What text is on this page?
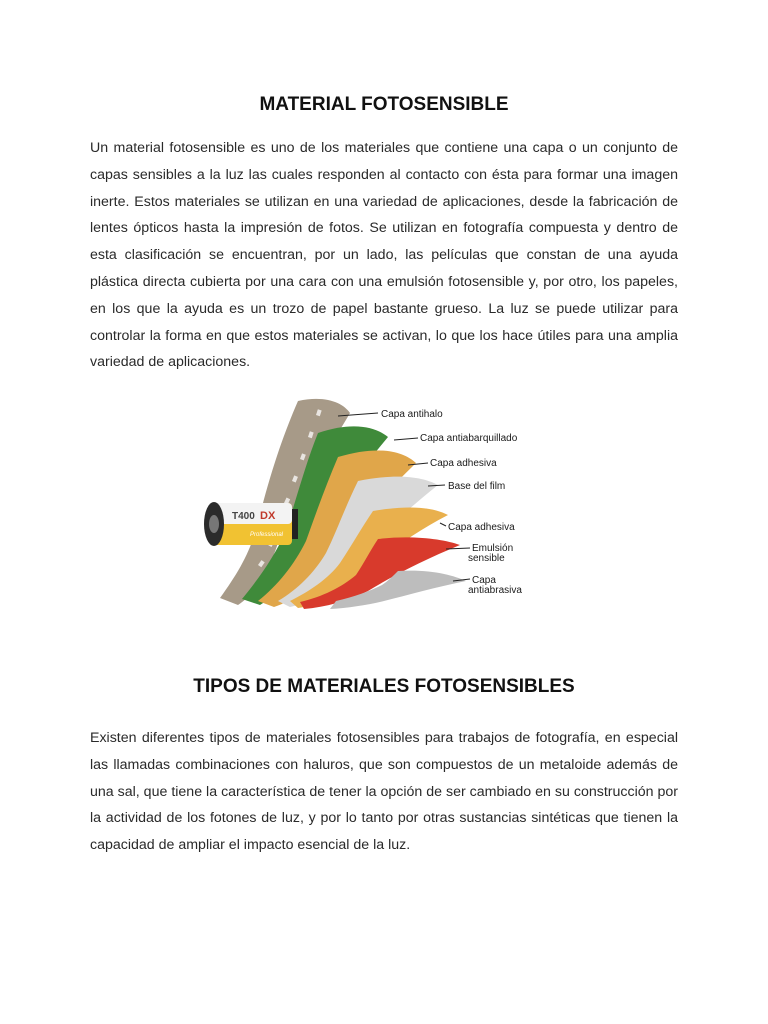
MATERIAL FOTOSENSIBLE

Un material fotosensible es uno de los materiales que contiene una capa o un conjunto de capas sensibles a la luz las cuales responden al contacto con ésta para formar una imagen inerte. Estos materiales se utilizan en una variedad de aplicaciones, desde la fabricación de lentes ópticos hasta la impresión de fotos. Se utilizan en fotografía compuesta y dentro de esta clasificación se encuentran, por un lado, las películas que constan de una ayuda plástica directa cubierta por una cara con una emulsión fotosensible y, por otro, los papeles, en los que la ayuda es un trozo de papel bastante grueso. La luz se puede utilizar para controlar la forma en que estos materiales se activan, lo que los hace útiles para una amplia variedad de aplicaciones.

T400 DX
Professional
Capa antihalo
Capa antiabarquillado
Capa adhesiva
Base del film
Capa adhesiva
Emulsión sensible
Capa antiabrasiva
TIPOS DE MATERIALES FOTOSENSIBLES

Existen diferentes tipos de materiales fotosensibles para trabajos de fotografía, en especial las llamadas combinaciones con haluros, que son compuestos de un metaloide además de una sal, que tiene la característica de tener la opción de ser cambiado en su construcción por la actividad de los fotones de luz, y por lo tanto por otras sustancias sintéticas que tienen la capacidad de ampliar el impacto esencial de la luz.
